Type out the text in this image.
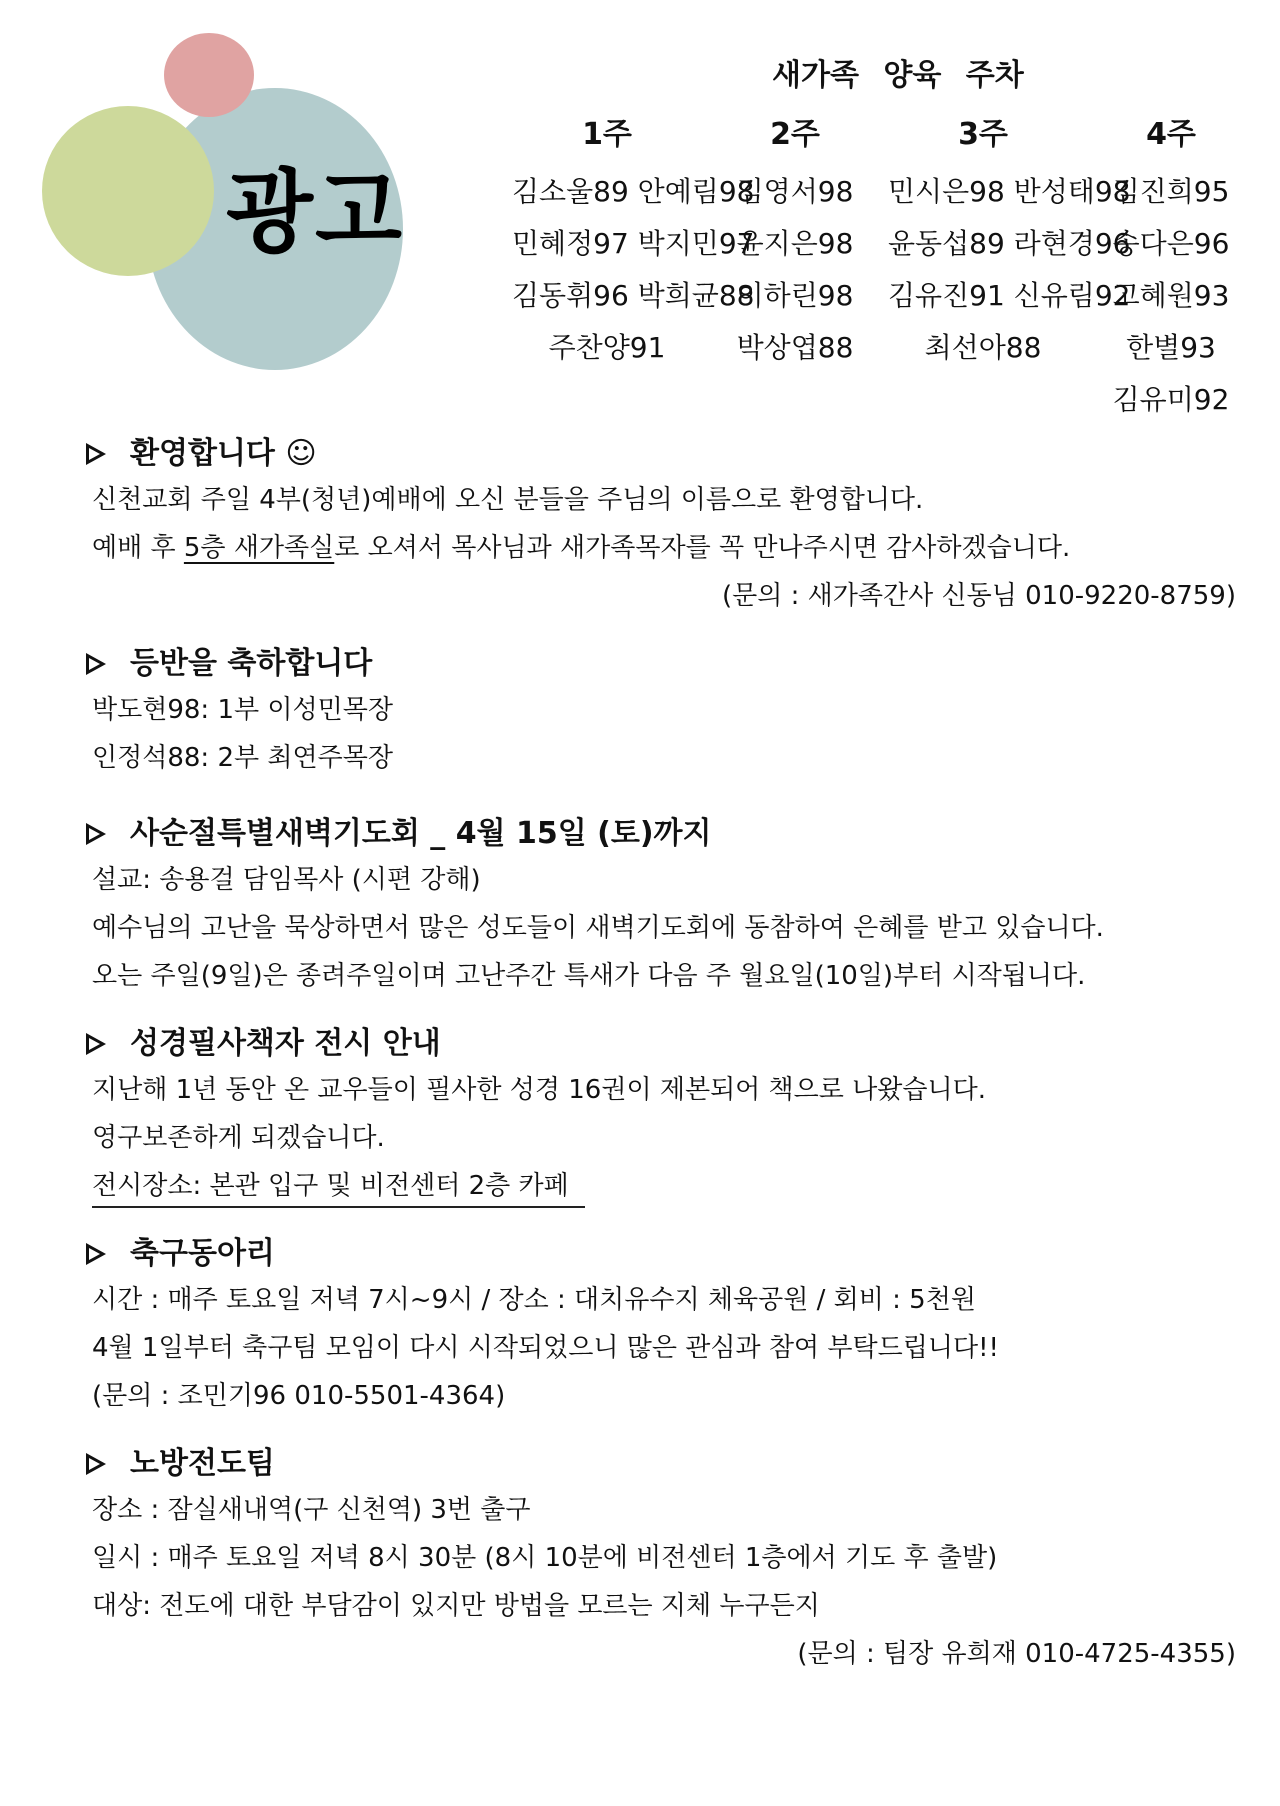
광고
새가족 양육 주차
1주
김소울89 안예림98
민혜정97 박지민97
김동휘96 박희균88
주찬양91
2주
김영서98
윤지은98
이하린98
박상엽88
3주
민시은98 반성태98
윤동섭89 라현경96
김유진91 신유림92
최선아88
4주
김진희95
송다은96
고혜원93
한별93
김유미92
환영합니다 ☺
신천교회 주일 4부(청년)예배에 오신 분들을 주님의 이름으로 환영합니다.
예배 후 5층 새가족실로 오셔서 목사님과 새가족목자를 꼭 만나주시면 감사하겠습니다.
(문의 : 새가족간사 신동님 010-9220-8759)
등반을 축하합니다
박도현98: 1부 이성민목장
인정석88: 2부 최연주목장
사순절특별새벽기도회 _ 4월 15일 (토)까지
설교: 송용걸 담임목사 (시편 강해)
예수님의 고난을 묵상하면서 많은 성도들이 새벽기도회에 동참하여 은혜를 받고 있습니다.
오는 주일(9일)은 종려주일이며 고난주간 특새가 다음 주 월요일(10일)부터 시작됩니다.
성경필사책자 전시 안내
지난해 1년 동안 온 교우들이 필사한 성경 16권이 제본되어 책으로 나왔습니다.
영구보존하게 되겠습니다.
전시장소: 본관 입구 및 비전센터 2층 카페
축구동아리
시간 : 매주 토요일 저녁 7시~9시 / 장소 : 대치유수지 체육공원 / 회비 : 5천원
4월 1일부터 축구팀 모임이 다시 시작되었으니 많은 관심과 참여 부탁드립니다!!
(문의 : 조민기96 010-5501-4364)
노방전도팀
장소 : 잠실새내역(구 신천역) 3번 출구
일시 : 매주 토요일 저녁 8시 30분 (8시 10분에 비전센터 1층에서 기도 후 출발)
대상: 전도에 대한 부담감이 있지만 방법을 모르는 지체 누구든지
(문의 : 팀장 유희재 010-4725-4355)
